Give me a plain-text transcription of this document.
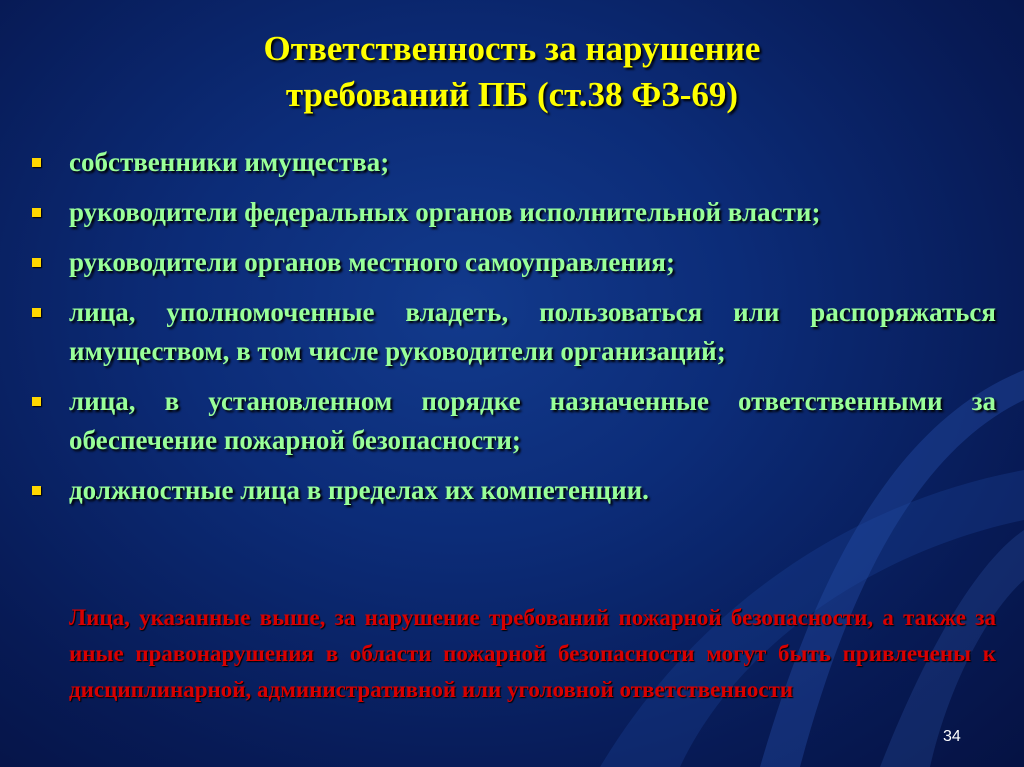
Ответственность за нарушение
требований ПБ (ст.38 ФЗ-69)
собственники имущества;
руководители федеральных органов исполнительной власти;
руководители органов местного самоуправления;
лица, уполномоченные владеть, пользоваться или распоряжаться имуществом, в том числе руководители организаций;
лица, в установленном порядке назначенные ответственными за обеспечение пожарной безопасности;
должностные лица в пределах их компетенции.
Лица, указанные выше, за нарушение требований пожарной безопасности, а также за иные правонарушения в области пожарной безопасности могут быть привлечены к дисциплинарной, административной или уголовной ответственности
34
